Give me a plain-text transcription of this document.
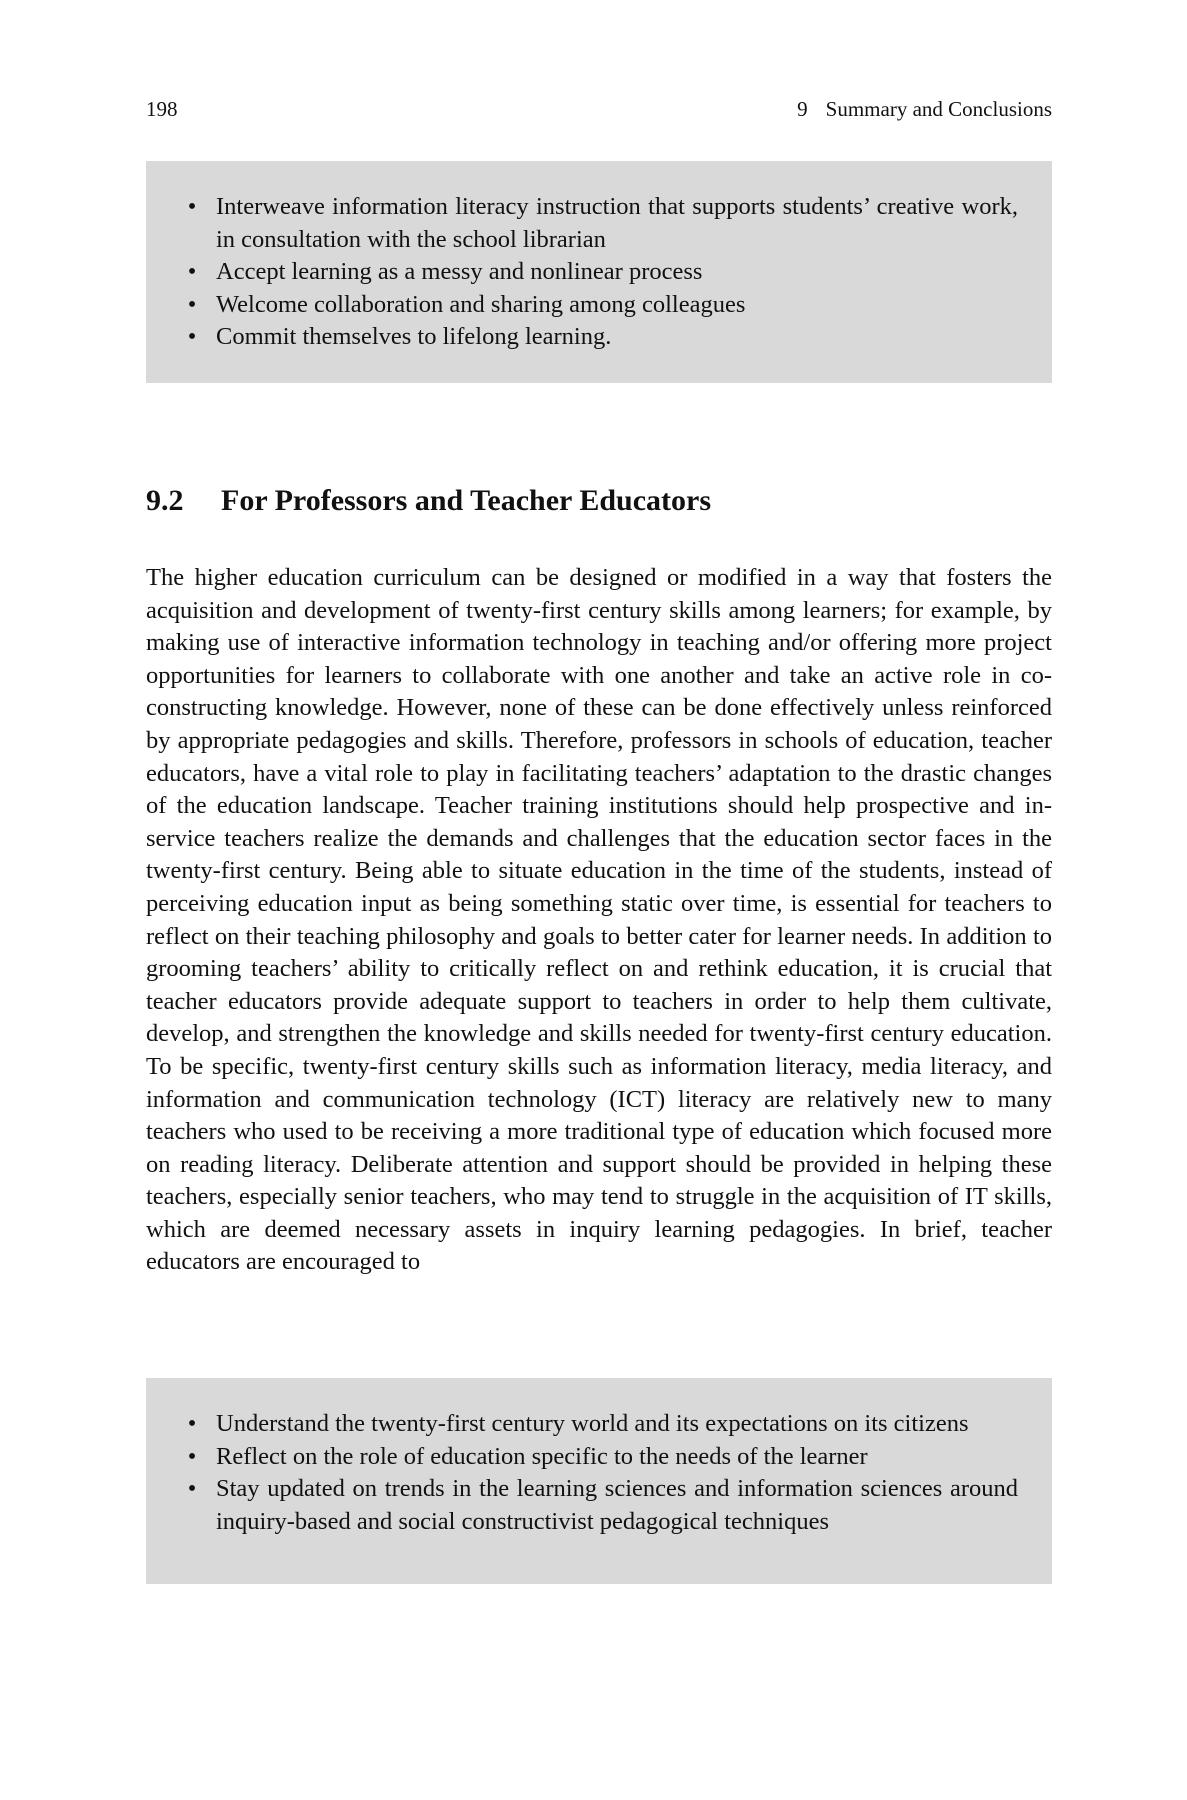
198	9 Summary and Conclusions
• Interweave information literacy instruction that supports students’ creative work, in consultation with the school librarian
• Accept learning as a messy and nonlinear process
• Welcome collaboration and sharing among colleagues
• Commit themselves to lifelong learning.
9.2 For Professors and Teacher Educators

The higher education curriculum can be designed or modified in a way that fosters the acquisition and development of twenty-first century skills among learners; for example, by making use of interactive information technology in teaching and/or offering more project opportunities for learners to collaborate with one another and take an active role in co-constructing knowledge. However, none of these can be done effectively unless reinforced by appropriate pedagogies and skills. Therefore, professors in schools of education, teacher educators, have a vital role to play in facilitating teachers’ adaptation to the drastic changes of the education landscape. Teacher training institutions should help prospective and in-service teachers realize the demands and challenges that the education sector faces in the twenty-first century. Being able to situate education in the time of the students, instead of perceiving education input as being something static over time, is essential for teachers to reflect on their teaching philosophy and goals to better cater for learner needs. In addition to grooming teachers’ ability to critically reflect on and rethink education, it is crucial that teacher educators provide adequate support to teachers in order to help them cultivate, develop, and strengthen the knowledge and skills needed for twenty-first century education. To be specific, twenty-first century skills such as information literacy, media literacy, and information and communication technology (ICT) literacy are relatively new to many teachers who used to be receiving a more traditional type of education which focused more on reading literacy. Deliberate attention and support should be provided in helping these teachers, especially senior teachers, who may tend to struggle in the acquisition of IT skills, which are deemed necessary assets in inquiry learning pedagogies. In brief, teacher educators are encouraged to

• Understand the twenty-first century world and its expectations on its citizens
• Reflect on the role of education specific to the needs of the learner
• Stay updated on trends in the learning sciences and information sciences around inquiry-based and social constructivist pedagogical techniques
